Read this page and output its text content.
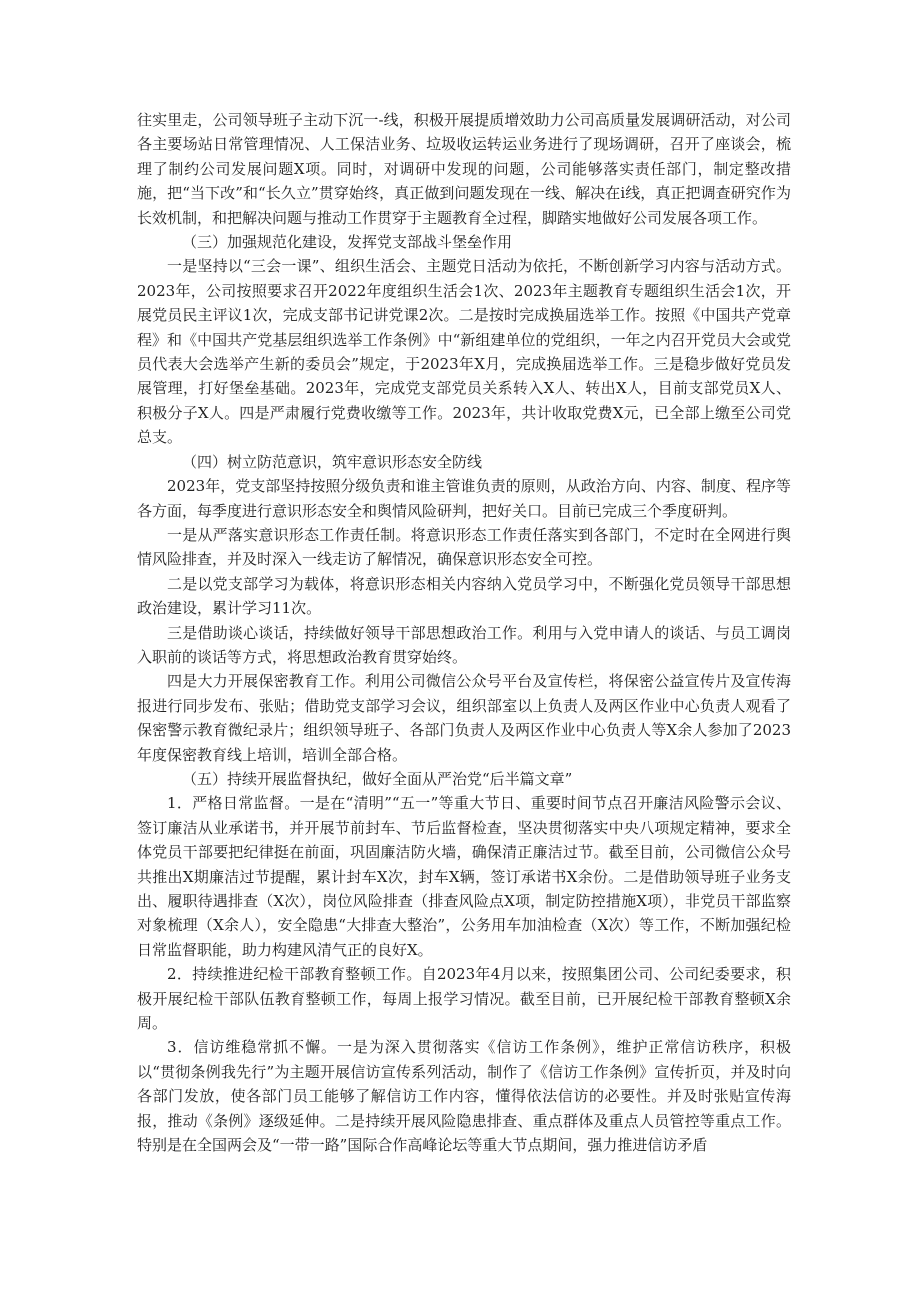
往实里走，公司领导班子主动下沉一-线，积极开展提质增效助力公司高质量发展调研活动，对公司各主要场站日常管理情况、人工保洁业务、垃圾收运转运业务进行了现场调研，召开了座谈会，梳理了制约公司发展问题X项。同时，对调研中发现的问题，公司能够落实责任部门，制定整改措施，把“当下改”和“长久立”贯穿始终，真正做到问题发现在一线、解决在i线，真正把调查研究作为长效机制，和把解决问题与推动工作贯穿于主题教育全过程，脚踏实地做好公司发展各项工作。

（三）加强规范化建设，发挥党支部战斗堡垒作用

一是坚持以“三会一课”、组织生活会、主题党日活动为依托，不断创新学习内容与活动方式。2023年，公司按照要求召开2022年度组织生活会1次、2023年主题教育专题组织生活会1次，开展党员民主评议1次，完成支部书记讲党课2次。二是按时完成换届选举工作。按照《中国共产党章程》和《中国共产党基层组织选举工作条例》中“新组建单位的党组织，一年之内召开党员大会或党员代表大会选举产生新的委员会”规定，于2023年X月，完成换届选举工作。三是稳步做好党员发展管理，打好堡垒基础。2023年，完成党支部党员关系转入X人、转出X人，目前支部党员X人、积极分子X人。四是严肃履行党费收缴等工作。2023年，共计收取党费X元，已全部上缴至公司党总支。

（四）树立防范意识，筑牢意识形态安全防线

2023年，党支部坚持按照分级负责和谁主管谁负责的原则，从政治方向、内容、制度、程序等各方面，每季度进行意识形态安全和舆情风险研判，把好关口。目前已完成三个季度研判。

一是从严落实意识形态工作责任制。将意识形态工作责任落实到各部门，不定时在全网进行舆情风险排查，并及时深入一线走访了解情况，确保意识形态安全可控。

二是以党支部学习为载体，将意识形态相关内容纳入党员学习中，不断强化党员领导干部思想政治建设，累计学习11次。

三是借助谈心谈话，持续做好领导干部思想政治工作。利用与入党申请人的谈话、与员工调岗入职前的谈话等方式，将思想政治教育贯穿始终。

四是大力开展保密教育工作。利用公司微信公众号平台及宣传栏，将保密公益宣传片及宣传海报进行同步发布、张贴；借助党支部学习会议，组织部室以上负责人及两区作业中心负责人观看了保密警示教育微纪录片；组织领导班子、各部门负责人及两区作业中心负责人等X余人参加了2023年度保密教育线上培训，培训全部合格。

（五）持续开展监督执纪，做好全面从严治党“后半篇文章”

1．严格日常监督。一是在“清明”“五一”等重大节日、重要时间节点召开廉洁风险警示会议、签订廉洁从业承诺书，并开展节前封车、节后监督检查，坚决贯彻落实中央八项规定精神，要求全体党员干部要把纪律挺在前面，巩固廉洁防火墙，确保清正廉洁过节。截至目前，公司微信公众号共推出X期廉洁过节提醒，累计封车X次，封车X辆，签订承诺书X余份。二是借助领导班子业务支出、履职待遇排查（X次），岗位风险排查（排查风险点X项，制定防控措施X项），非党员干部监察对象梳理（X余人），安全隐患“大排查大整治”，公务用车加油检查（X次）等工作，不断加强纪检日常监督职能，助力构建风清气正的良好X。

2．持续推进纪检干部教育整顿工作。自2023年4月以来，按照集团公司、公司纪委要求，积极开展纪检干部队伍教育整顿工作，每周上报学习情况。截至目前，已开展纪检干部教育整顿X余周。

3．信访维稳常抓不懈。一是为深入贯彻落实《信访工作条例》，维护正常信访秩序，积极以“贯彻条例我先行”为主题开展信访宣传系列活动，制作了《信访工作条例》宣传折页，并及时向各部门发放，使各部门员工能够了解信访工作内容，懂得依法信访的必要性。并及时张贴宣传海报，推动《条例》逐级延伸。二是持续开展风险隐患排查、重点群体及重点人员管控等重点工作。特别是在全国两会及“一带一路”国际合作高峰论坛等重大节点期间，强力推进信访矛盾
